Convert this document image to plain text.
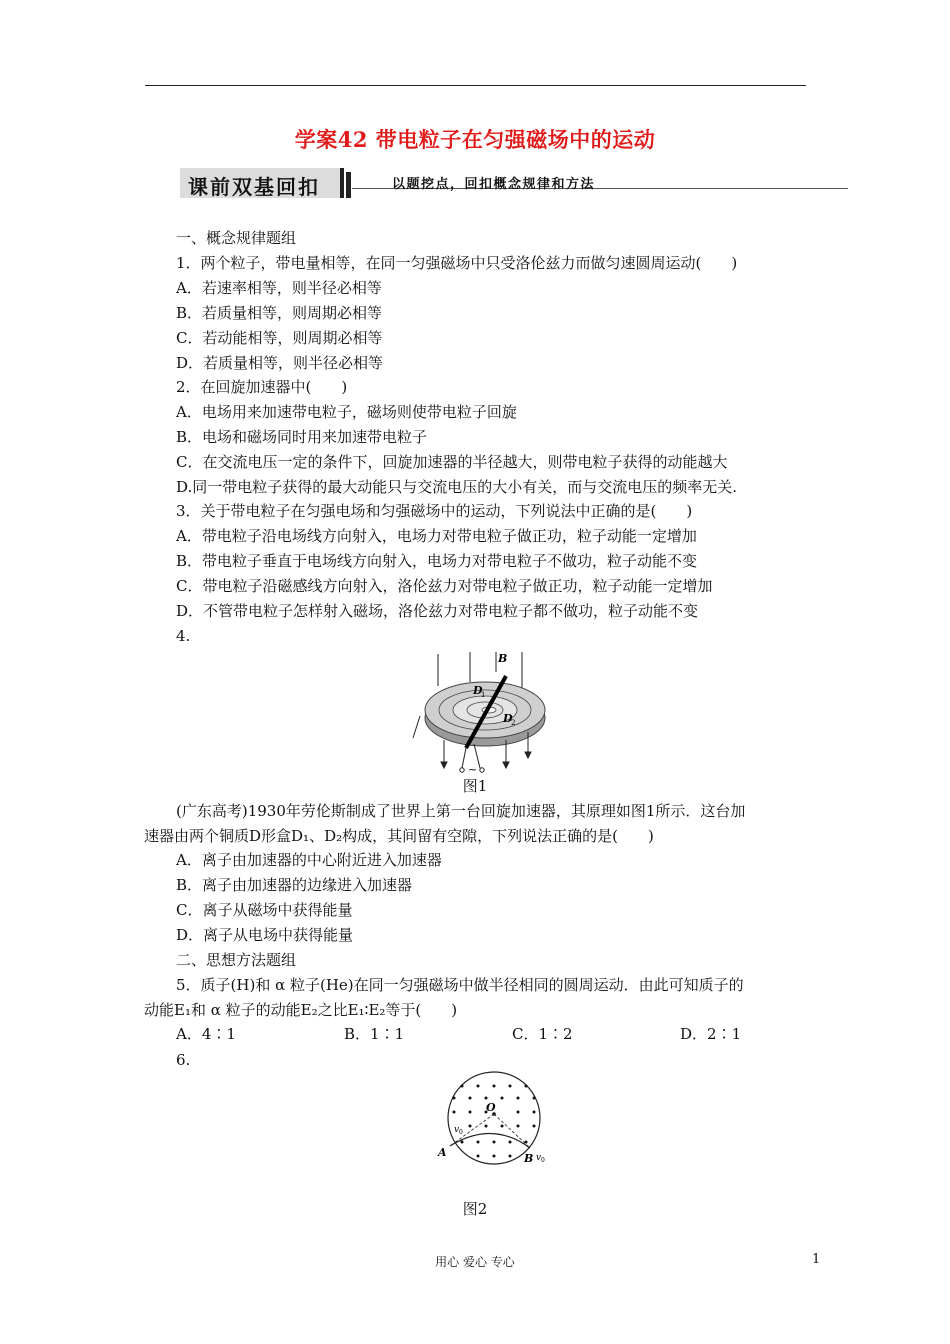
学案42 带电粒子在匀强磁场中的运动
课前双基回扣	以题挖点，回扣概念规律和方法
一、概念规律题组
1．两个粒子，带电量相等，在同一匀强磁场中只受洛伦兹力而做匀速圆周运动(　　)
A．若速率相等，则半径必相等
B．若质量相等，则周期必相等
C．若动能相等，则周期必相等
D．若质量相等，则半径必相等
2．在回旋加速器中(　　)
A．电场用来加速带电粒子，磁场则使带电粒子回旋
B．电场和磁场同时用来加速带电粒子
C．在交流电压一定的条件下，回旋加速器的半径越大，则带电粒子获得的动能越大
D.同一带电粒子获得的最大动能只与交流电压的大小有关，而与交流电压的频率无关.
3．关于带电粒子在匀强电场和匀强磁场中的运动，下列说法中正确的是(　　)
A．带电粒子沿电场线方向射入，电场力对带电粒子做正功，粒子动能一定增加
B．带电粒子垂直于电场线方向射入，电场力对带电粒子不做功，粒子动能不变
C．带电粒子沿磁感线方向射入，洛伦兹力对带电粒子做正功，粒子动能一定增加
D．不管带电粒子怎样射入磁场，洛伦兹力对带电粒子都不做功，粒子动能不变
4.
B
D
1
D
2
~
图1
(广东高考)1930年劳伦斯制成了世界上第一台回旋加速器，其原理如图1所示．这台加
速器由两个铜质D形盒D₁、D₂构成，其间留有空隙，下列说法正确的是(　　)
A．离子由加速器的中心附近进入加速器
B．离子由加速器的边缘进入加速器
C．离子从磁场中获得能量
D．离子从电场中获得能量
二、思想方法题组
5．质子(H)和 α 粒子(He)在同一匀强磁场中做半径相同的圆周运动．由此可知质子的
动能E₁和 α 粒子的动能E₂之比E₁∶E₂等于(　　)
A．4∶1	B．1∶1	C．1∶2	D．2∶1
6.
O
A	B
v 0
v 0
图2
用心 爱心 专心	1
